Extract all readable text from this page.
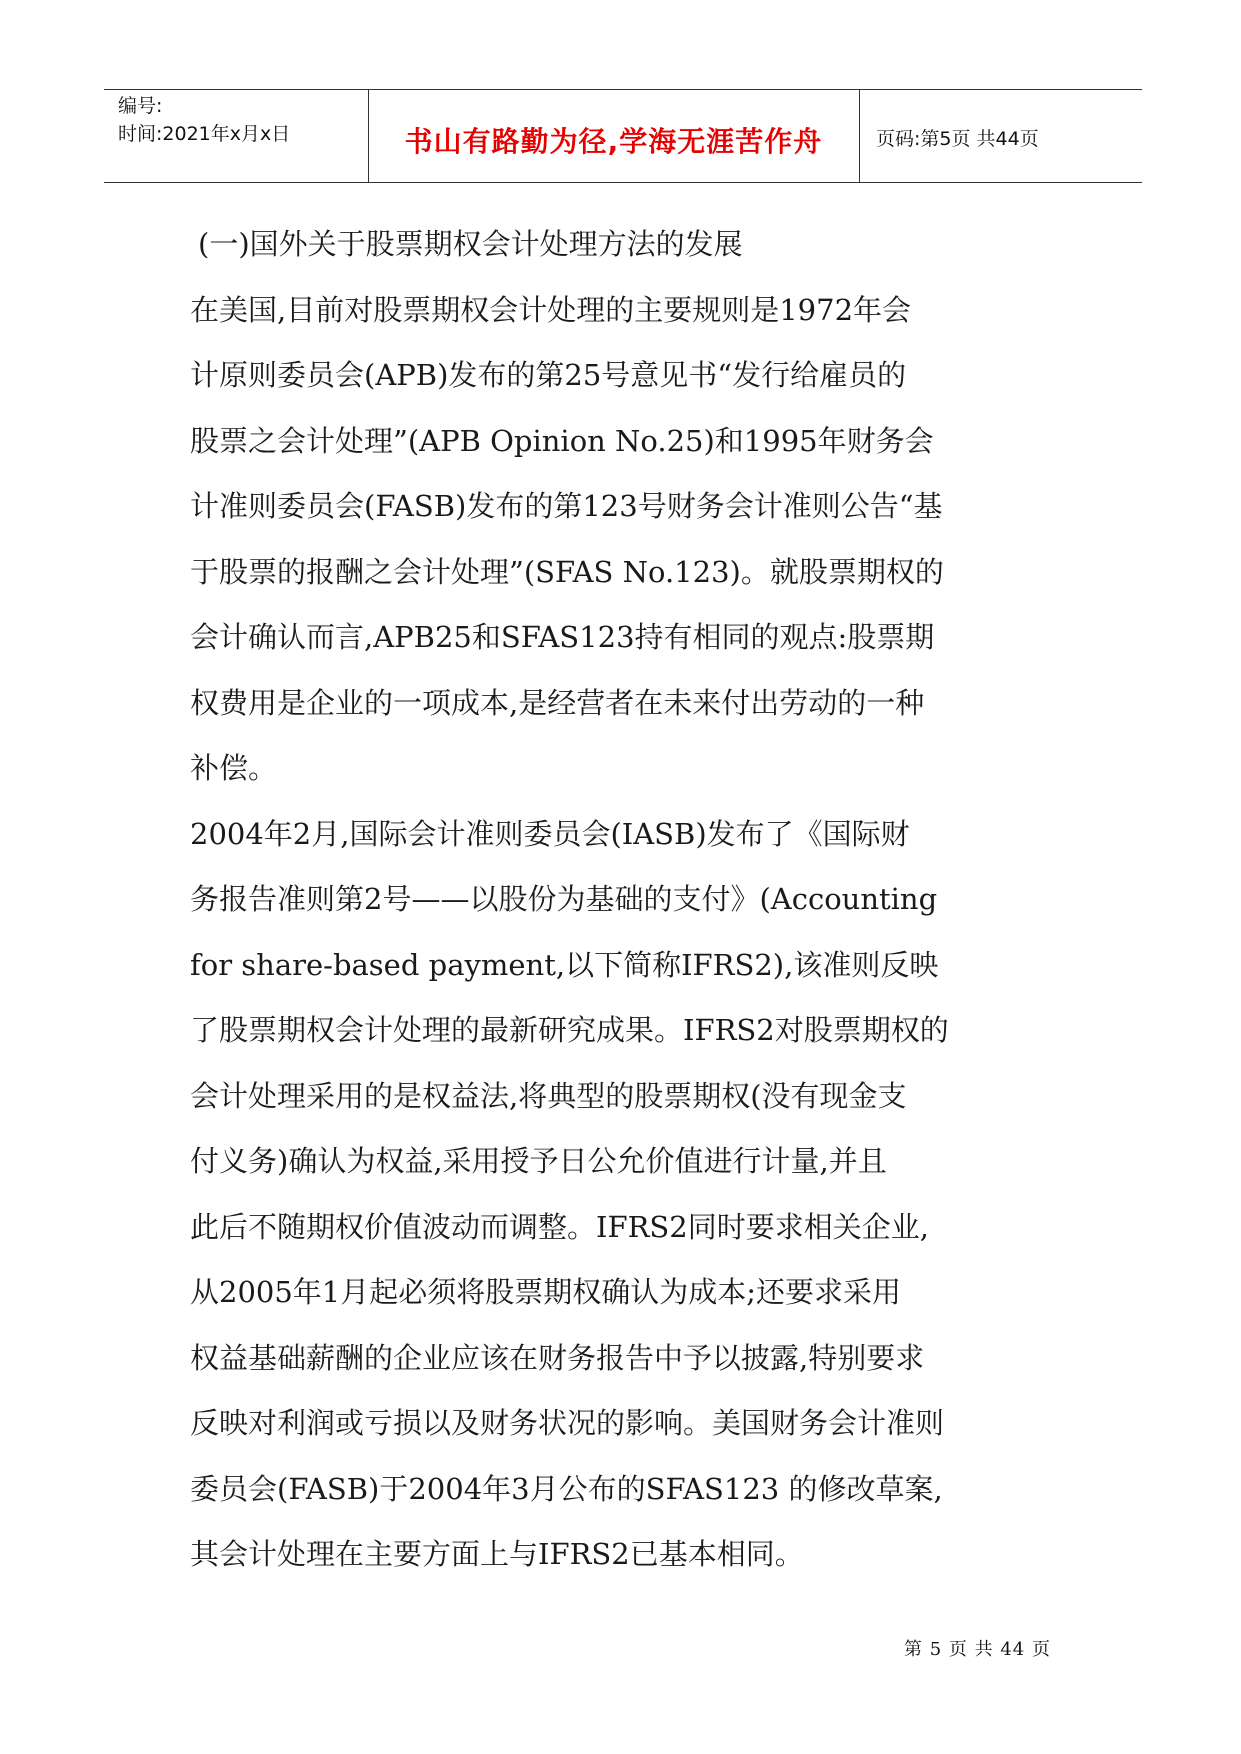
编号:
时间:2021年x月x日	书山有路勤为径,学海无涯苦作舟	页码:第5页 共44页

(一)国外关于股票期权会计处理方法的发展

在美国,目前对股票期权会计处理的主要规则是1972年会

计原则委员会(APB)发布的第25号意见书“发行给雇员的

股票之会计处理”(APB Opinion No.25)和1995年财务会

计准则委员会(FASB)发布的第123号财务会计准则公告“基

于股票的报酬之会计处理”(SFAS No.123)。就股票期权的

会计确认而言,APB25和SFAS123持有相同的观点:股票期

权费用是企业的一项成本,是经营者在未来付出劳动的一种

补偿。

2004年2月,国际会计准则委员会(IASB)发布了《国际财

务报告准则第2号——以股份为基础的支付》(Accounting

for share-based payment,以下简称IFRS2),该准则反映

了股票期权会计处理的最新研究成果。IFRS2对股票期权的

会计处理采用的是权益法,将典型的股票期权(没有现金支

付义务)确认为权益,采用授予日公允价值进行计量,并且

此后不随期权价值波动而调整。IFRS2同时要求相关企业,

从2005年1月起必须将股票期权确认为成本;还要求采用

权益基础薪酬的企业应该在财务报告中予以披露,特别要求

反映对利润或亏损以及财务状况的影响。美国财务会计准则

委员会(FASB)于2004年3月公布的SFAS123 的修改草案,

其会计处理在主要方面上与IFRS2已基本相同。

第 5 页 共 44 页
